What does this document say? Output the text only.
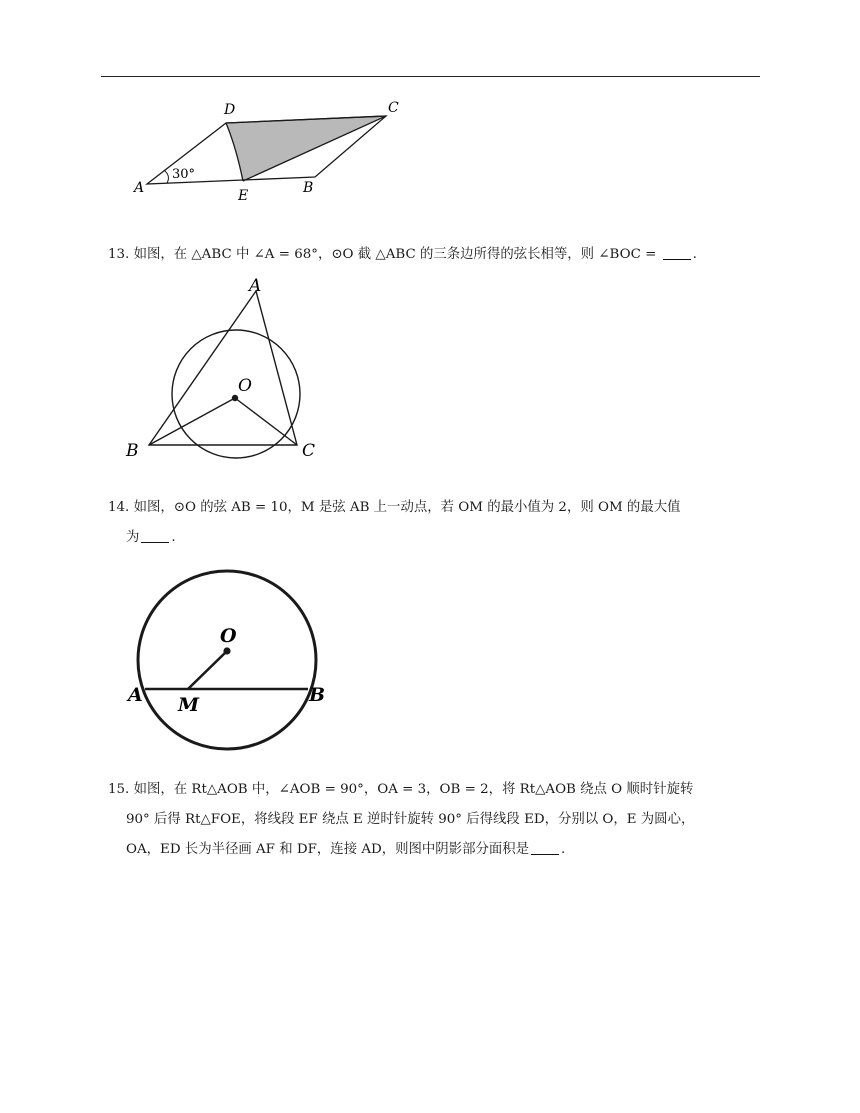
30°
A
D	C
E	B
13. 如图，在 △ABC 中 ∠A = 68°，⊙O 截 △ABC 的三条边所得的弦长相等，则 ∠BOC = .
A
O
B	C
14. 如图，⊙O 的弦 AB = 10，M 是弦 AB 上一动点，若 OM 的最小值为 2，则 OM 的最大值
为 .
O
A	B
M
15. 如图，在 Rt△AOB 中，∠AOB = 90°，OA = 3，OB = 2，将 Rt△AOB 绕点 O 顺时针旋转
90° 后得 Rt△FOE，将线段 EF 绕点 E 逆时针旋转 90° 后得线段 ED，分别以 O，E 为圆心，
OA，ED 长为半径画 AF 和 DF，连接 AD，则图中阴影部分面积是 .
